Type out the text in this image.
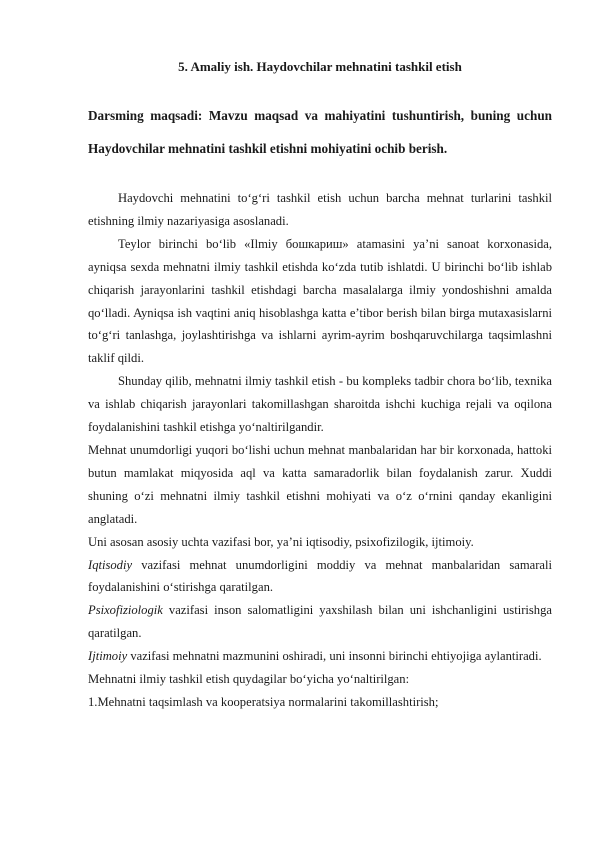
5. Amaliy ish. Haydovchilar mehnatini tashkil etish
Darsming maqsadi: Mavzu maqsad va mahiyatini tushuntirish, buning uchun Haydovchilar mehnatini tashkil etishni mohiyatini ochib berish.

Haydovchi mehnatini to‘g‘ri tashkil etish uchun barcha mehnat turlarini tashkil etishning ilmiy nazariyasiga asoslanadi.

Teylor birinchi bo‘lib «Ilmiy бошкариш» atamasini ya’ni sanoat korxonasida, ayniqsa sexda mehnatni ilmiy tashkil etishda ko‘zda tutib ishlatdi. U birinchi bo‘lib ishlab chiqarish jarayonlarini tashkil etishdagi barcha masalalarga ilmiy yondoshishni amalda qo‘lladi. Ayniqsa ish vaqtini aniq hisoblashga katta e’tibor berish bilan birga mutaxasislarni to‘g‘ri tanlashga, joylashtirishga va ishlarni ayrim-ayrim boshqaruvchilarga taqsimlashni taklif qildi.

Shunday qilib, mehnatni ilmiy tashkil etish - bu kompleks tadbir chora bo‘lib, texnika va ishlab chiqarish jarayonlari takomillashgan sharoitda ishchi kuchiga rejali va oqilona foydalanishini tashkil etishga yo‘naltirilgandir.

Mehnat unumdorligi yuqori bo‘lishi uchun mehnat manbalaridan har bir korxonada, hattoki butun mamlakat miqyosida aql va katta samaradorlik bilan foydalanish zarur. Xuddi shuning o‘zi mehnatni ilmiy tashkil etishni mohiyati va o‘z o‘rnini qanday ekanligini anglatadi.

Uni asosan asosiy uchta vazifasi bor, ya’ni iqtisodiy, psixofizilogik, ijtimoiy.

Iqtisodiy vazifasi mehnat unumdorligini moddiy va mehnat manbalaridan samarali foydalanishini o‘stirishga qaratilgan.

Psixofiziologik vazifasi inson salomatligini yaxshilash bilan uni ishchanligini ustirishga qaratilgan.

Ijtimoiy vazifasi mehnatni mazmunini oshiradi, uni insonni birinchi ehtiyojiga aylantiradi.

Mehnatni ilmiy tashkil etish quydagilar bo‘yicha yo‘naltirilgan:

1.Mehnatni taqsimlash va kooperatsiya normalarini takomillashtirish;
